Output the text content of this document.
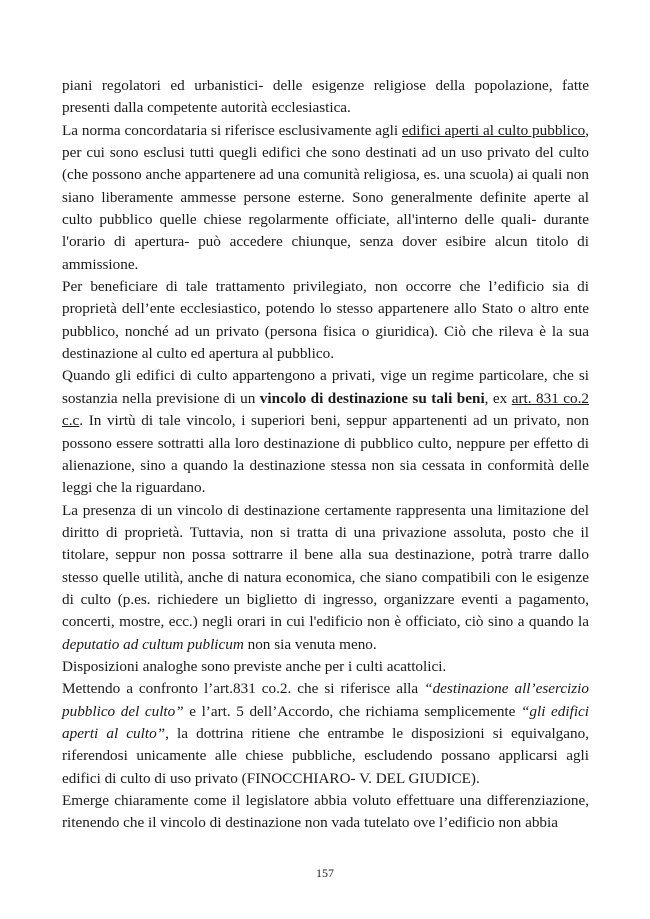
piani regolatori ed urbanistici- delle esigenze religiose della popolazione, fatte presenti dalla competente autorità ecclesiastica.

La norma concordataria si riferisce esclusivamente agli edifici aperti al culto pubblico, per cui sono esclusi tutti quegli edifici che sono destinati ad un uso privato del culto (che possono anche appartenere ad una comunità religiosa, es. una scuola) ai quali non siano liberamente ammesse persone esterne. Sono generalmente definite aperte al culto pubblico quelle chiese regolarmente officiate, all'interno delle quali- durante l'orario di apertura- può accedere chiunque, senza dover esibire alcun titolo di ammissione.

Per beneficiare di tale trattamento privilegiato, non occorre che l’edificio sia di proprietà dell’ente ecclesiastico, potendo lo stesso appartenere allo Stato o altro ente pubblico, nonché ad un privato (persona fisica o giuridica). Ciò che rileva è la sua destinazione al culto ed apertura al pubblico.

Quando gli edifici di culto appartengono a privati, vige un regime particolare, che si sostanzia nella previsione di un vincolo di destinazione su tali beni, ex art. 831 co.2 c.c. In virtù di tale vincolo, i superiori beni, seppur appartenenti ad un privato, non possono essere sottratti alla loro destinazione di pubblico culto, neppure per effetto di alienazione, sino a quando la destinazione stessa non sia cessata in conformità delle leggi che la riguardano.

La presenza di un vincolo di destinazione certamente rappresenta una limitazione del diritto di proprietà. Tuttavia, non si tratta di una privazione assoluta, posto che il titolare, seppur non possa sottrarre il bene alla sua destinazione, potrà trarre dallo stesso quelle utilità, anche di natura economica, che siano compatibili con le esigenze di culto (p.es. richiedere un biglietto di ingresso, organizzare eventi a pagamento, concerti, mostre, ecc.) negli orari in cui l'edificio non è officiato, ciò sino a quando la deputatio ad cultum publicum non sia venuta meno.

Disposizioni analoghe sono previste anche per i culti acattolici.

Mettendo a confronto l’art.831 co.2. che si riferisce alla “destinazione all’esercizio pubblico del culto” e l’art. 5 dell’Accordo, che richiama semplicemente “gli edifici aperti al culto”, la dottrina ritiene che entrambe le disposizioni si equivalgano, riferendosi unicamente alle chiese pubbliche, escludendo possano applicarsi agli edifici di culto di uso privato (FINOCCHIARO- V. DEL GIUDICE).

Emerge chiaramente come il legislatore abbia voluto effettuare una differenziazione, ritenendo che il vincolo di destinazione non vada tutelato ove l’edificio non abbia

157
